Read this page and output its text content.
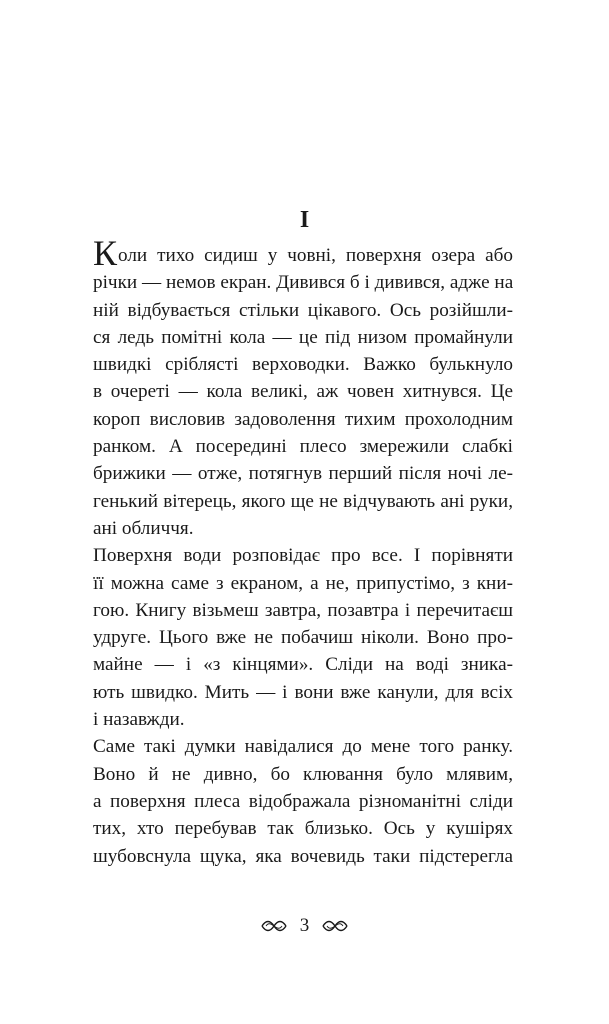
I
Коли тихо сидиш у човні, поверхня озера або
річки — немов екран. Дивився б і дивився, адже на
ній відбувається стільки цікавого. Ось розійшли-
ся ледь помітні кола — це під низом промайнули
швидкі сріблясті верховодки. Важко булькнуло
в очереті — кола великі, аж човен хитнувся. Це
короп висловив задоволення тихим прохолодним
ранком. А посередині плесо змережили слабкі
брижики — отже, потягнув перший після ночі ле-
генький вітерець, якого ще не відчувають ані руки,
ані обличчя.
Поверхня води розповідає про все. І порівняти
її можна саме з екраном, а не, припустімо, з кни-
гою. Книгу візьмеш завтра, позавтра і перечитаєш
удруге. Цього вже не побачиш ніколи. Воно про-
майне — і «з кінцями». Сліди на воді зника-
ють швидко. Мить — і вони вже канули, для всіх
і назавжди.
Саме такі думки навідалися до мене того ранку.
Воно й не дивно, бо клювання було млявим,
а поверхня плеса відображала різноманітні сліди
тих, хто перебував так близько. Ось у кушірях
шубовснула щука, яка вочевидь таки підстерегла
3
